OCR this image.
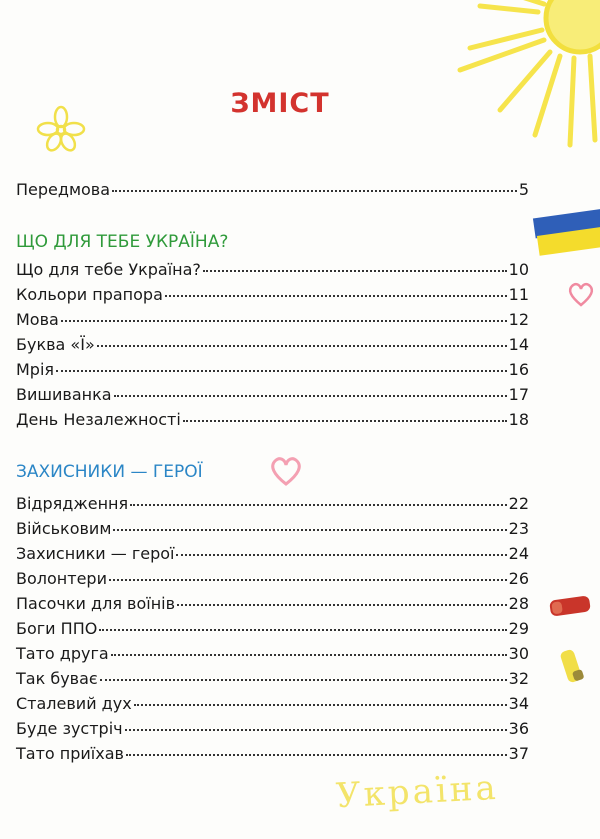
Україна
ЗМІСТ
Передмова	5
ЩО ДЛЯ ТЕБЕ УКРАЇНА?
Що для тебе Україна?	10
Кольори прапора	11
Мова	12
Буква «Ї»	14
Мрія	16
Вишиванка	17
День Незалежності	18
ЗАХИСНИКИ — ГЕРОЇ
Відрядження	22
Військовим	23
Захисники — герої	24
Волонтери	26
Пасочки для воїнів	28
Боги ППО	29
Тато друга	30
Так буває	32
Сталевий дух	34
Буде зустріч	36
Тато приїхав	37
